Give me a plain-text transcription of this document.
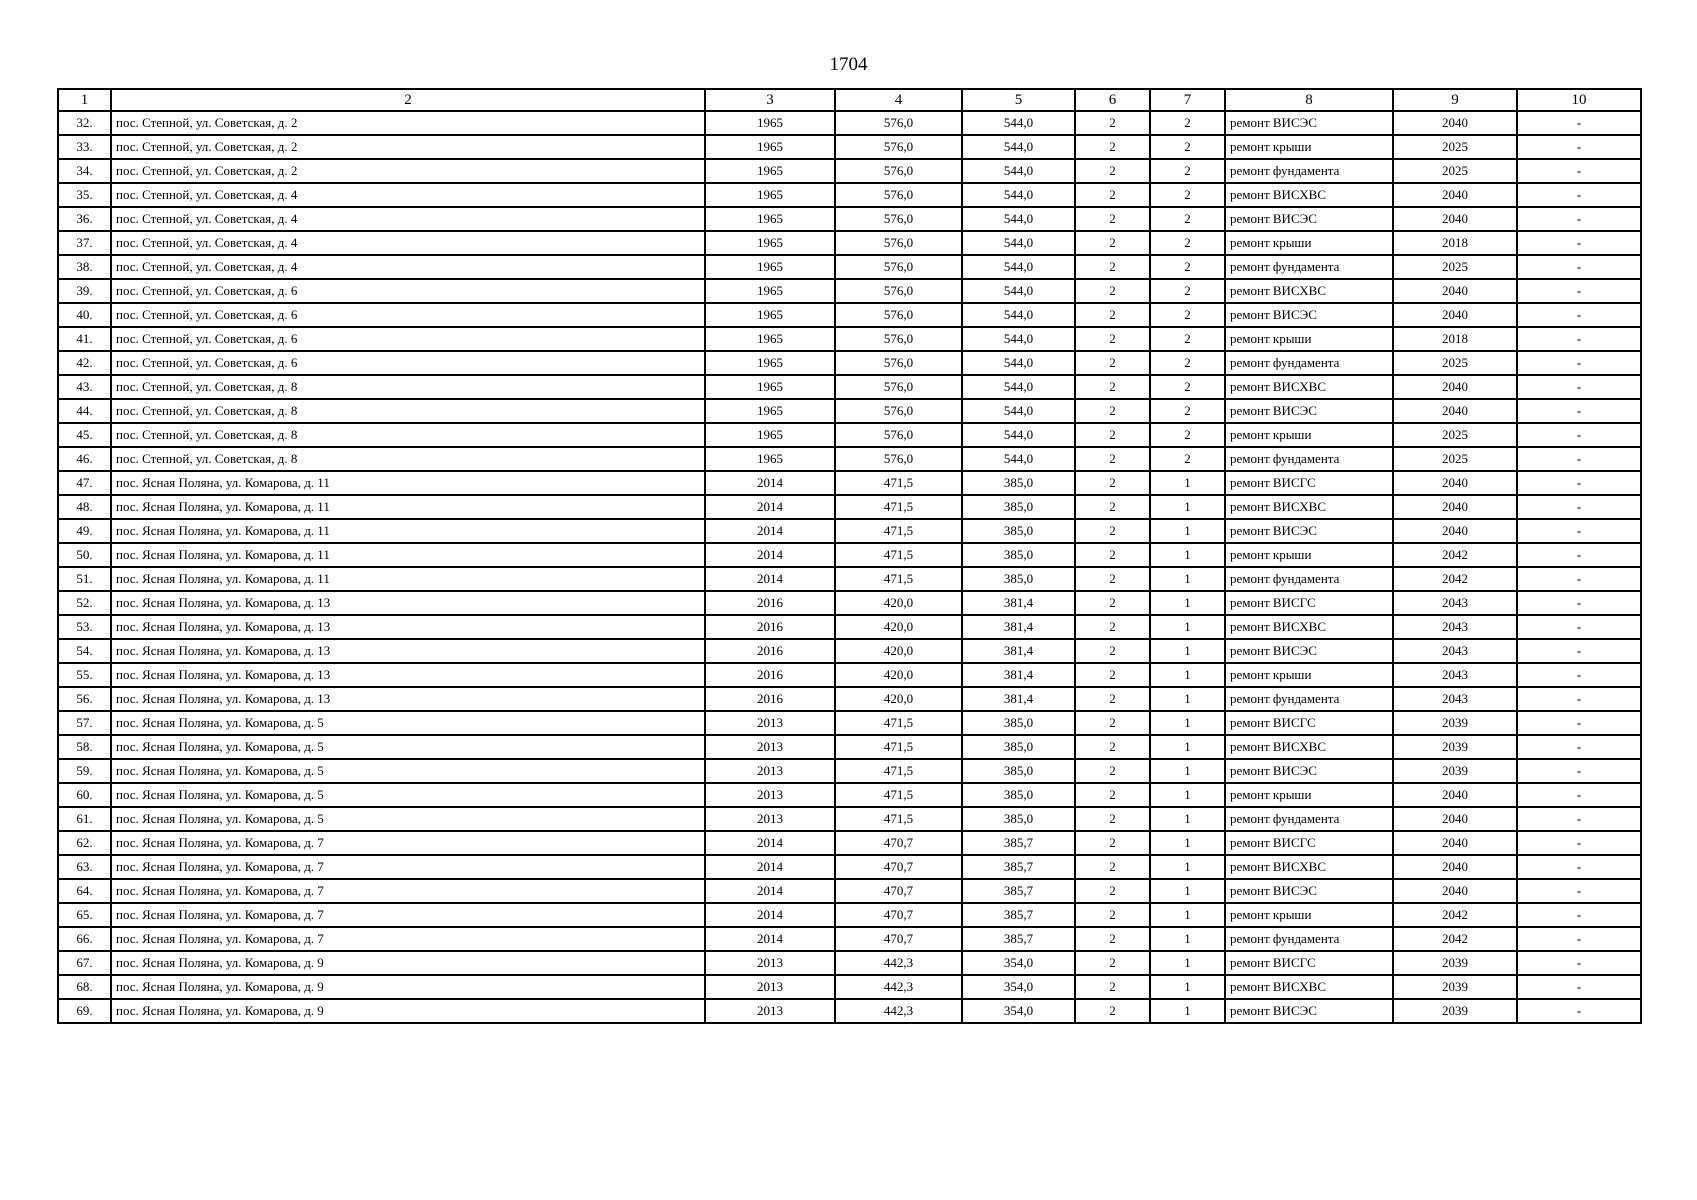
1704
1	2	3	4	5	6	7	8	9	10
32.	пос. Степной, ул. Советская, д. 2	1965	576,0	544,0	2	2	ремонт ВИСЭС	2040	-
33.	пос. Степной, ул. Советская, д. 2	1965	576,0	544,0	2	2	ремонт крыши	2025	-
34.	пос. Степной, ул. Советская, д. 2	1965	576,0	544,0	2	2	ремонт фундамента	2025	-
35.	пос. Степной, ул. Советская, д. 4	1965	576,0	544,0	2	2	ремонт ВИСХВС	2040	-
36.	пос. Степной, ул. Советская, д. 4	1965	576,0	544,0	2	2	ремонт ВИСЭС	2040	-
37.	пос. Степной, ул. Советская, д. 4	1965	576,0	544,0	2	2	ремонт крыши	2018	-
38.	пос. Степной, ул. Советская, д. 4	1965	576,0	544,0	2	2	ремонт фундамента	2025	-
39.	пос. Степной, ул. Советская, д. 6	1965	576,0	544,0	2	2	ремонт ВИСХВС	2040	-
40.	пос. Степной, ул. Советская, д. 6	1965	576,0	544,0	2	2	ремонт ВИСЭС	2040	-
41.	пос. Степной, ул. Советская, д. 6	1965	576,0	544,0	2	2	ремонт крыши	2018	-
42.	пос. Степной, ул. Советская, д. 6	1965	576,0	544,0	2	2	ремонт фундамента	2025	-
43.	пос. Степной, ул. Советская, д. 8	1965	576,0	544,0	2	2	ремонт ВИСХВС	2040	-
44.	пос. Степной, ул. Советская, д. 8	1965	576,0	544,0	2	2	ремонт ВИСЭС	2040	-
45.	пос. Степной, ул. Советская, д. 8	1965	576,0	544,0	2	2	ремонт крыши	2025	-
46.	пос. Степной, ул. Советская, д. 8	1965	576,0	544,0	2	2	ремонт фундамента	2025	-
47.	пос. Ясная Поляна, ул. Комарова, д. 11	2014	471,5	385,0	2	1	ремонт ВИСГС	2040	-
48.	пос. Ясная Поляна, ул. Комарова, д. 11	2014	471,5	385,0	2	1	ремонт ВИСХВС	2040	-
49.	пос. Ясная Поляна, ул. Комарова, д. 11	2014	471,5	385,0	2	1	ремонт ВИСЭС	2040	-
50.	пос. Ясная Поляна, ул. Комарова, д. 11	2014	471,5	385,0	2	1	ремонт крыши	2042	-
51.	пос. Ясная Поляна, ул. Комарова, д. 11	2014	471,5	385,0	2	1	ремонт фундамента	2042	-
52.	пос. Ясная Поляна, ул. Комарова, д. 13	2016	420,0	381,4	2	1	ремонт ВИСГС	2043	-
53.	пос. Ясная Поляна, ул. Комарова, д. 13	2016	420,0	381,4	2	1	ремонт ВИСХВС	2043	-
54.	пос. Ясная Поляна, ул. Комарова, д. 13	2016	420,0	381,4	2	1	ремонт ВИСЭС	2043	-
55.	пос. Ясная Поляна, ул. Комарова, д. 13	2016	420,0	381,4	2	1	ремонт крыши	2043	-
56.	пос. Ясная Поляна, ул. Комарова, д. 13	2016	420,0	381,4	2	1	ремонт фундамента	2043	-
57.	пос. Ясная Поляна, ул. Комарова, д. 5	2013	471,5	385,0	2	1	ремонт ВИСГС	2039	-
58.	пос. Ясная Поляна, ул. Комарова, д. 5	2013	471,5	385,0	2	1	ремонт ВИСХВС	2039	-
59.	пос. Ясная Поляна, ул. Комарова, д. 5	2013	471,5	385,0	2	1	ремонт ВИСЭС	2039	-
60.	пос. Ясная Поляна, ул. Комарова, д. 5	2013	471,5	385,0	2	1	ремонт крыши	2040	-
61.	пос. Ясная Поляна, ул. Комарова, д. 5	2013	471,5	385,0	2	1	ремонт фундамента	2040	-
62.	пос. Ясная Поляна, ул. Комарова, д. 7	2014	470,7	385,7	2	1	ремонт ВИСГС	2040	-
63.	пос. Ясная Поляна, ул. Комарова, д. 7	2014	470,7	385,7	2	1	ремонт ВИСХВС	2040	-
64.	пос. Ясная Поляна, ул. Комарова, д. 7	2014	470,7	385,7	2	1	ремонт ВИСЭС	2040	-
65.	пос. Ясная Поляна, ул. Комарова, д. 7	2014	470,7	385,7	2	1	ремонт крыши	2042	-
66.	пос. Ясная Поляна, ул. Комарова, д. 7	2014	470,7	385,7	2	1	ремонт фундамента	2042	-
67.	пос. Ясная Поляна, ул. Комарова, д. 9	2013	442,3	354,0	2	1	ремонт ВИСГС	2039	-
68.	пос. Ясная Поляна, ул. Комарова, д. 9	2013	442,3	354,0	2	1	ремонт ВИСХВС	2039	-
69.	пос. Ясная Поляна, ул. Комарова, д. 9	2013	442,3	354,0	2	1	ремонт ВИСЭС	2039	-
